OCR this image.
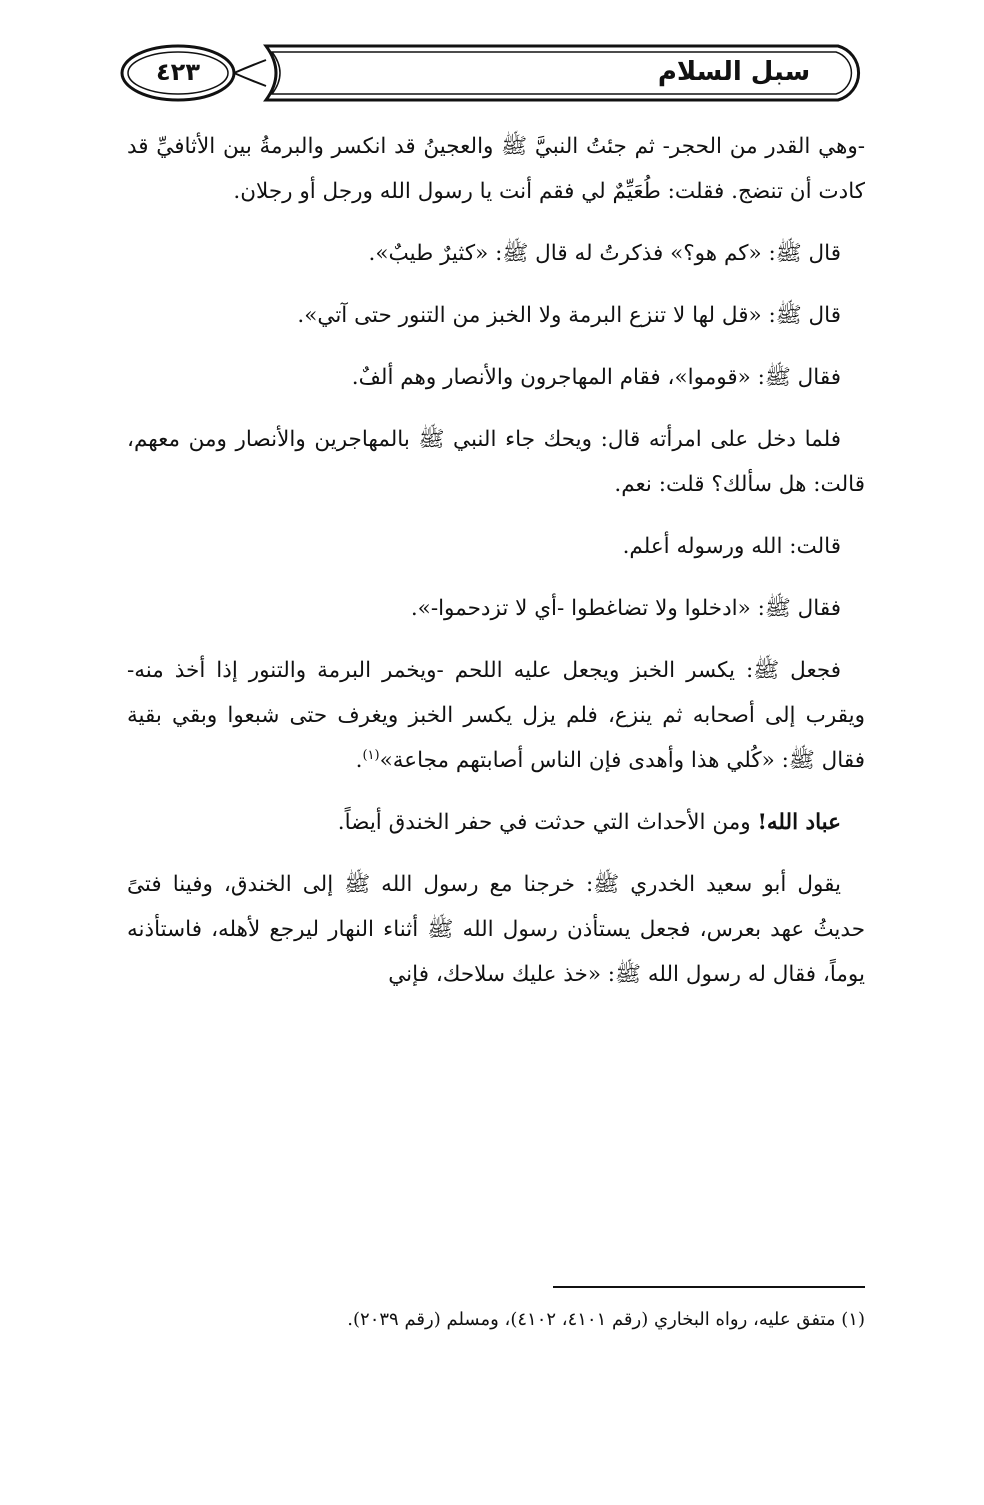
سبل السلام
٤٢٣

-وهي القدر من الحجر- ثم جئتُ النبيَّ ﷺ والعجينُ قد انكسر والبرمةُ بين الأثافيِّ قد كادت أن تنضج. فقلت: طُعَيِّمٌ لي فقم أنت يا رسول الله ورجل أو رجلان.

قال ﷺ: «كم هو؟» فذكرتُ له قال ﷺ: «كثيرٌ طيبٌ».

قال ﷺ: «قل لها لا تنزع البرمة ولا الخبز من التنور حتى آتي».

فقال ﷺ: «قوموا»، فقام المهاجرون والأنصار وهم ألفٌ.

فلما دخل على امرأته قال: ويحك جاء النبي ﷺ بالمهاجرين والأنصار ومن معهم، قالت: هل سألك؟ قلت: نعم.

قالت: الله ورسوله أعلم.

فقال ﷺ: «ادخلوا ولا تضاغطوا -أي لا تزدحموا-».

فجعل ﷺ: يكسر الخبز ويجعل عليه اللحم -ويخمر البرمة والتنور إذا أخذ منه- ويقرب إلى أصحابه ثم ينزع، فلم يزل يكسر الخبز ويغرف حتى شبعوا وبقي بقية فقال ﷺ: «كُلي هذا وأهدى فإن الناس أصابتهم مجاعة»$^{(١)}$.

عباد الله! ومن الأحداث التي حدثت في حفر الخندق أيضاً.

يقول أبو سعيد الخدري ﷺ: خرجنا مع رسول الله ﷺ إلى الخندق، وفينا فتىً حديثُ عهد بعرس، فجعل يستأذن رسول الله ﷺ أثناء النهار ليرجع لأهله، فاستأذنه يوماً، فقال له رسول الله ﷺ: «خذ عليك سلاحك، فإني

(١) متفق عليه، رواه البخاري (رقم ٤١٠١، ٤١٠٢)، ومسلم (رقم ٢٠٣٩).
